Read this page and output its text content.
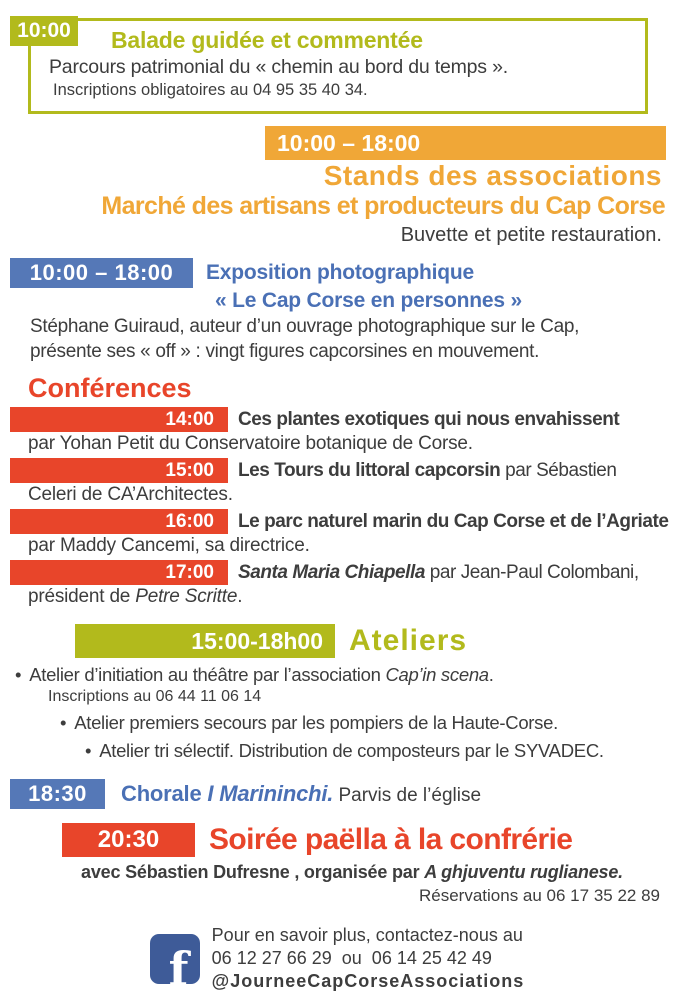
10:00	Balade guidée et commentée
Parcours patrimonial du « chemin au bord du temps ».
Inscriptions obligatoires au 04 95 35 40 34.
10:00 – 18:00
Stands des associations
Marché des artisans et producteurs du Cap Corse
Buvette et petite restauration.
10:00 – 18:00	Exposition photographique
« Le Cap Corse en personnes »
Stéphane Guiraud, auteur d’un ouvrage photographique sur le Cap,
présente ses « off » : vingt figures capcorsines en mouvement.
Conférences
14:00 Ces plantes exotiques qui nous envahissent
par Yohan Petit du Conservatoire botanique de Corse.
15:00 Les Tours du littoral capcorsin par Sébastien
Celeri de CA’Architectes.
16:00 Le parc naturel marin du Cap Corse et de l’Agriate
par Maddy Cancemi, sa directrice.
17:00 Santa Maria Chiapella par Jean-Paul Colombani,
président de Petre Scritte.
15:00-18h00 Ateliers
• Atelier d’initiation au théâtre par l’association Cap’in scena.
Inscriptions au 06 44 11 06 14
• Atelier premiers secours par les pompiers de la Haute-Corse.
• Atelier tri sélectif. Distribution de composteurs par le SYVADEC.
18:30	Chorale I Marininchi. Parvis de l’église
20:30	Soirée paëlla à la confrérie
avec Sébastien Dufresne , organisée par A ghjuventu ruglianese.
Réservations au 06 17 35 22 89
f
Pour en savoir plus, contactez-nous au
06 12 27 66 29  ou  06 14 25 42 49
@JourneeCapCorseAssociations
